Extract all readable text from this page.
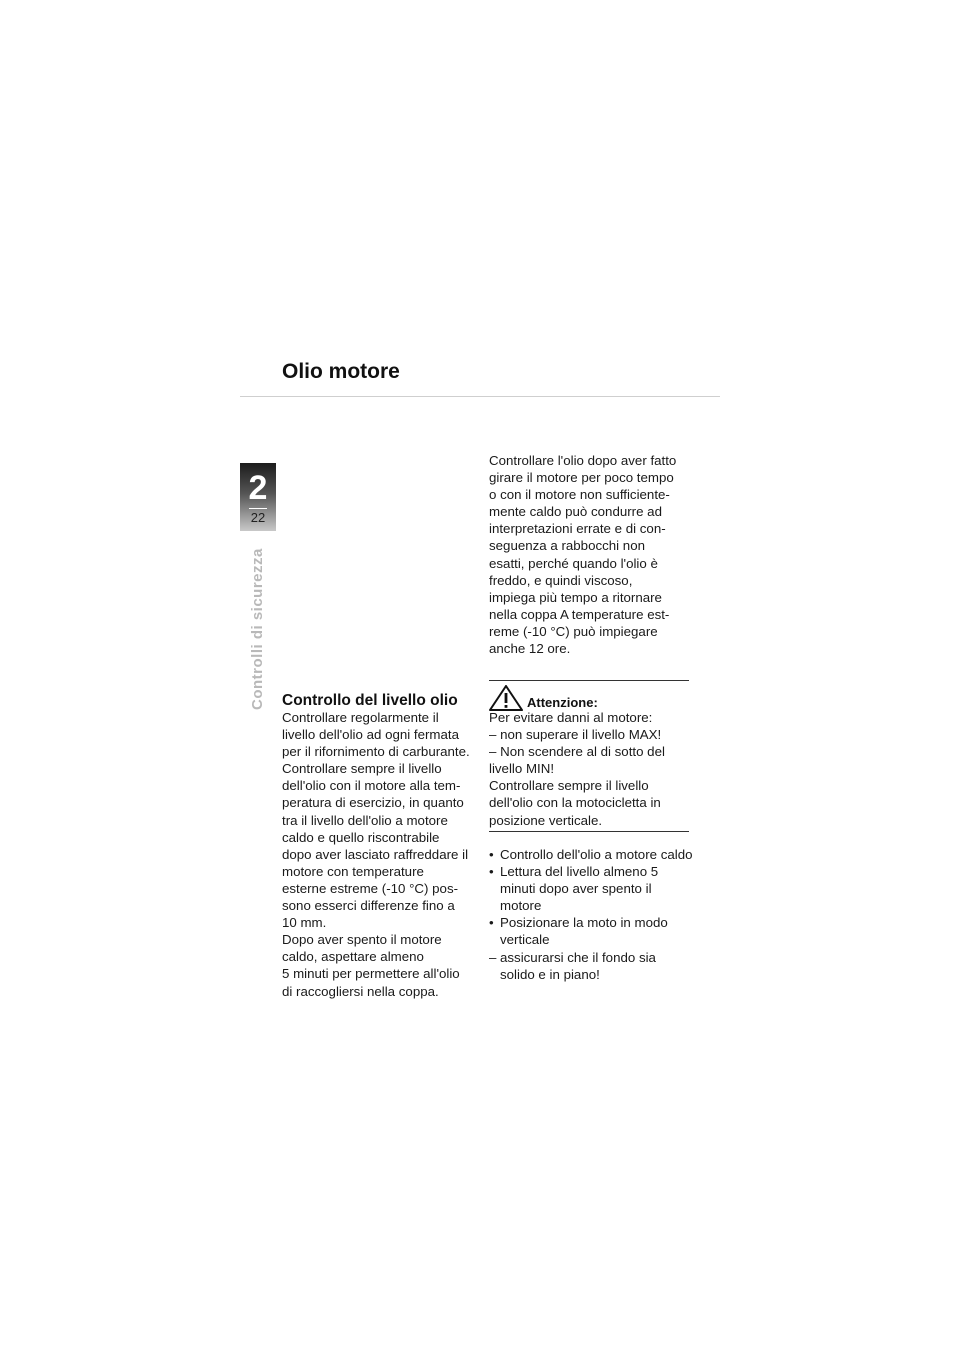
Olio motore
2
22
Controlli di sicurezza Controllo del livello olio

Controllare regolarmente il
livello dell'olio ad ogni fermata
per il rifornimento di carburante.
Controllare sempre il livello
dell'olio con il motore alla tem-
peratura di esercizio, in quanto
tra il livello dell'olio a motore
caldo e quello riscontrabile
dopo aver lasciato raffreddare il
motore con temperature
esterne estreme (-10 °C) pos-
sono esserci differenze fino a
10 mm.
Dopo aver spento il motore
caldo, aspettare almeno
5 minuti per permettere all'olio
di raccogliersi nella coppa.

Controllare l'olio dopo aver fatto
girare il motore per poco tempo
o con il motore non sufficiente-
mente caldo può condurre ad
interpretazioni errate e di con-
seguenza a rabbocchi non
esatti, perché quando l'olio è
freddo, e quindi viscoso,
impiega più tempo a ritornare
nella coppa A temperature est-
reme (-10 °C) può impiegare
anche 12 ore.

Attenzione:

Per evitare danni al motore:
– non superare il livello MAX!
– Non scendere al di sotto del
livello MIN!
Controllare sempre il livello
dell'olio con la motocicletta in
posizione verticale.

• Controllo dell'olio a motore caldo
• Lettura del livello almeno 5 minuti dopo aver spento il motore
• Posizionare la moto in modo verticale
– assicurarsi che il fondo sia solido e in piano!
